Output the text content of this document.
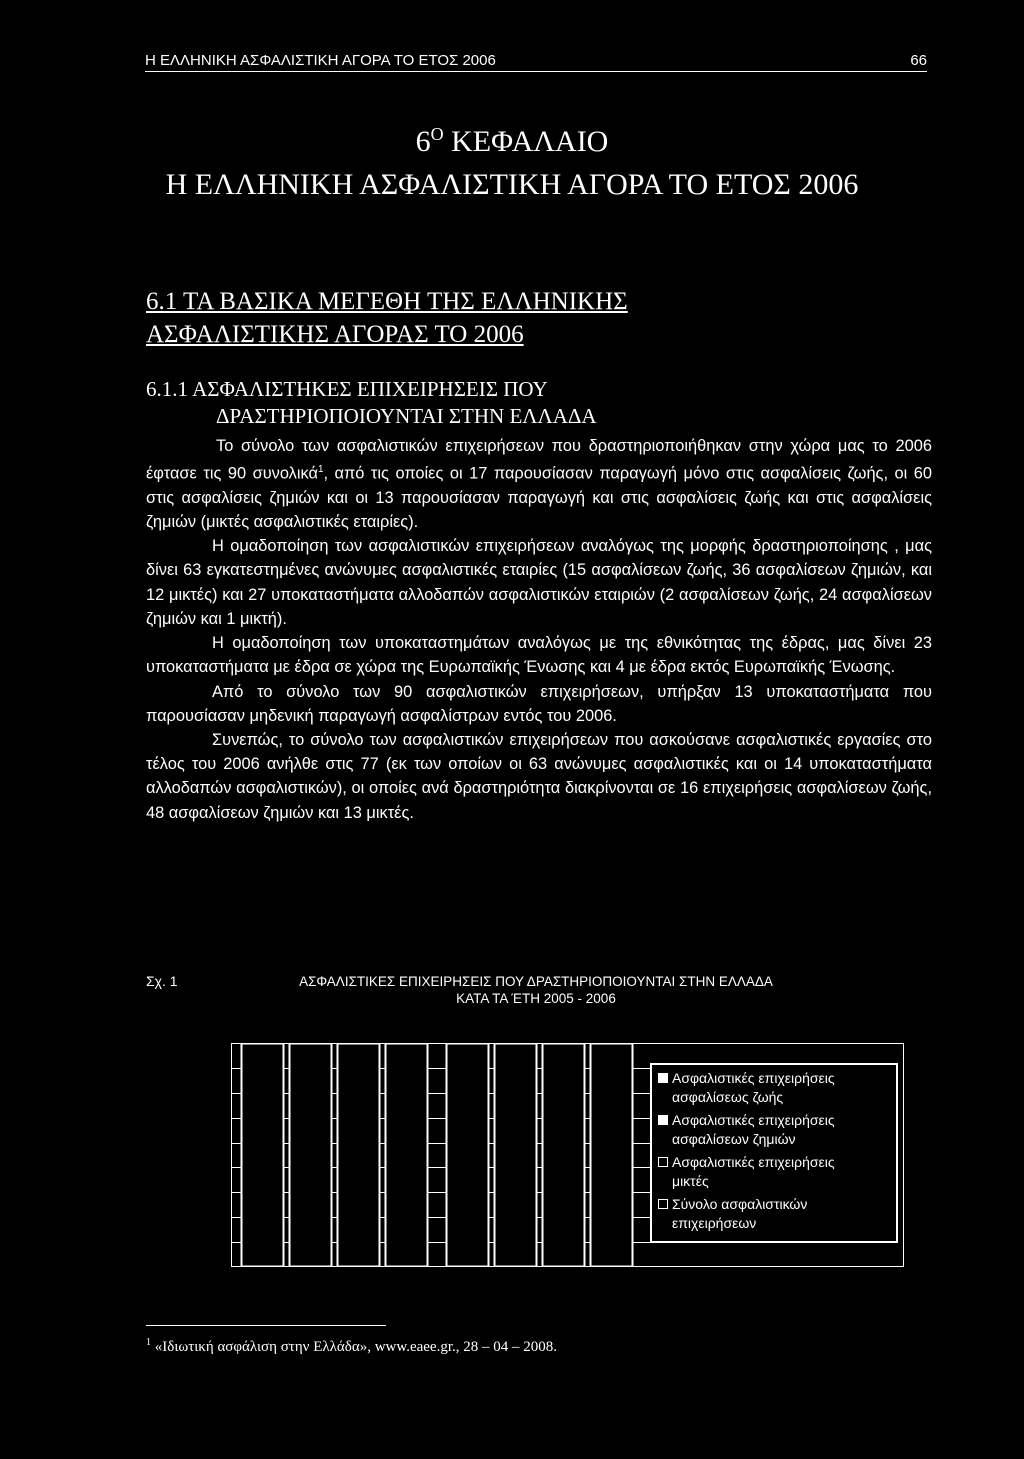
Η ΕΛΛΗΝΙΚΗ ΑΣΦΑΛΙΣΤΙΚΗ ΑΓΟΡΑ ΤΟ ΕΤΟΣ 2006	66
$6^O$ ΚΕΦΑΛΑΙΟ
Η ΕΛΛΗΝΙΚΗ ΑΣΦΑΛΙΣΤΙΚΗ ΑΓΟΡΑ ΤΟ ΕΤΟΣ 2006
6.1 ΤΑ ΒΑΣΙΚΑ ΜΕΓΕΘΗ ΤΗΣ ΕΛΛΗΝΙΚΗΣ
ΑΣΦΑΛΙΣΤΙΚΗΣ ΑΓΟΡΑΣ ΤΟ 2006
6.1.1 ΑΣΦΑΛΙΣΤΗΚΕΣ ΕΠΙΧΕΙΡΗΣΕΙΣ ΠΟΥ
ΔΡΑΣΤΗΡΙΟΠΟΙΟΥΝΤΑΙ ΣΤΗΝ ΕΛΛΑΔΑ

Το σύνολο των ασφαλιστικών επιχειρήσεων που δραστηριοποιήθηκαν στην χώρα μας το 2006 έφτασε τις 90 συνολικά$^1$, από τις οποίες οι 17 παρουσίασαν παραγωγή μόνο στις ασφαλίσεις ζωής, οι 60 στις ασφαλίσεις ζημιών και οι 13 παρουσίασαν παραγωγή και στις ασφαλίσεις ζωής και στις ασφαλίσεις ζημιών (μικτές ασφαλιστικές εταιρίες).

Η ομαδοποίηση των ασφαλιστικών επιχειρήσεων αναλόγως της μορφής δραστηριοποίησης , μας δίνει 63 εγκατεστημένες ανώνυμες ασφαλιστικές εταιρίες (15 ασφαλίσεων ζωής, 36 ασφαλίσεων ζημιών, και 12 μικτές) και 27 υποκαταστήματα αλλοδαπών ασφαλιστικών εταιριών (2 ασφαλίσεων ζωής, 24 ασφαλίσεων ζημιών και 1 μικτή).

Η ομαδοποίηση των υποκαταστημάτων αναλόγως με της εθνικότητας της έδρας, μας δίνει 23 υποκαταστήματα με έδρα σε χώρα της Ευρωπαϊκής Ένωσης και 4 με έδρα εκτός Ευρωπαϊκής Ένωσης.

Από το σύνολο των 90 ασφαλιστικών επιχειρήσεων, υπήρξαν 13 υποκαταστήματα που παρουσίασαν μηδενική παραγωγή ασφαλίστρων εντός του 2006.

Συνεπώς, το σύνολο των ασφαλιστικών επιχειρήσεων που ασκούσανε ασφαλιστικές εργασίες στο τέλος του 2006 ανήλθε στις 77 (εκ των οποίων οι 63 ανώνυμες ασφαλιστικές και οι 14 υποκαταστήματα αλλοδαπών ασφαλιστικών), οι οποίες ανά δραστηριότητα διακρίνονται σε 16 επιχειρήσεις ασφαλίσεων ζωής, 48 ασφαλίσεων ζημιών και 13 μικτές.

Σχ. 1	ΑΣΦΑΛΙΣΤΙΚΕΣ ΕΠΙΧΕΙΡΗΣΕΙΣ ΠΟΥ ΔΡΑΣΤΗΡΙΟΠΟΙΟΥΝΤΑΙ ΣΤΗΝ ΕΛΛΑΔΑ
ΚΑΤΑ ΤΑ ΈΤΗ 2005 - 2006
Ασφαλιστικές επιχειρήσεις
ασφαλίσεως ζωής
Ασφαλιστικές επιχειρήσεις
ασφαλίσεων ζημιών
Ασφαλιστικές επιχειρήσεις
μικτές
Σύνολο ασφαλιστικών
επιχειρήσεων
$^1$ «Ιδιωτική ασφάλιση στην Ελλάδα», www.eaee.gr., 28 – 04 – 2008.
